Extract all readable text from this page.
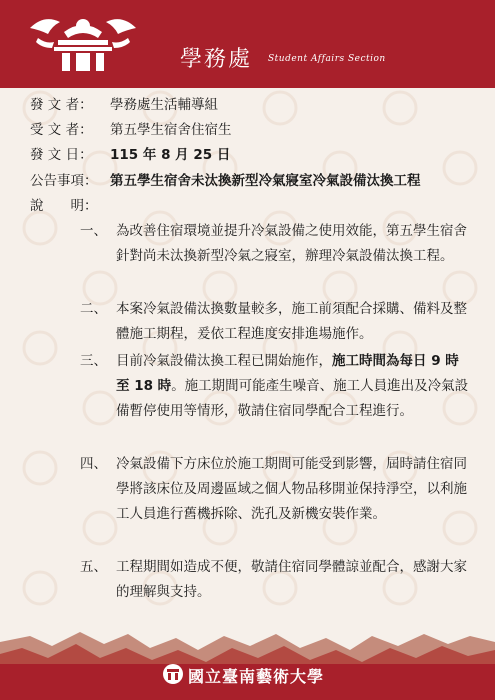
學務處 Student Affairs Section
發 文 者： 學務處生活輔導組
受 文 者： 第五學生宿舍住宿生
發 文 日： 115 年 8 月 25 日
公告事項： 第五學生宿舍未汰換新型冷氣寢室冷氣設備汰換工程
說　　明：
一、 為改善住宿環境並提升冷氣設備之使用效能，第五學生宿舍針對尚未汰換新型冷氣之寢室，辦理冷氣設備汰換工程。
二、 本案冷氣設備汰換數量較多，施工前須配合採購、備料及整體施工期程，爰依工程進度安排進場施作。
三、 目前冷氣設備汰換工程已開始施作，施工時間為每日 9 時至 18 時。施工期間可能產生噪音、施工人員進出及冷氣設備暫停使用等情形，敬請住宿同學配合工程進行。
四、 冷氣設備下方床位於施工期間可能受到影響，屆時請住宿同學將該床位及周邊區域之個人物品移開並保持淨空，以利施工人員進行舊機拆除、洗孔及新機安裝作業。
五、 工程期間如造成不便，敬請住宿同學體諒並配合，感謝大家的理解與支持。
國立臺南藝術大學
